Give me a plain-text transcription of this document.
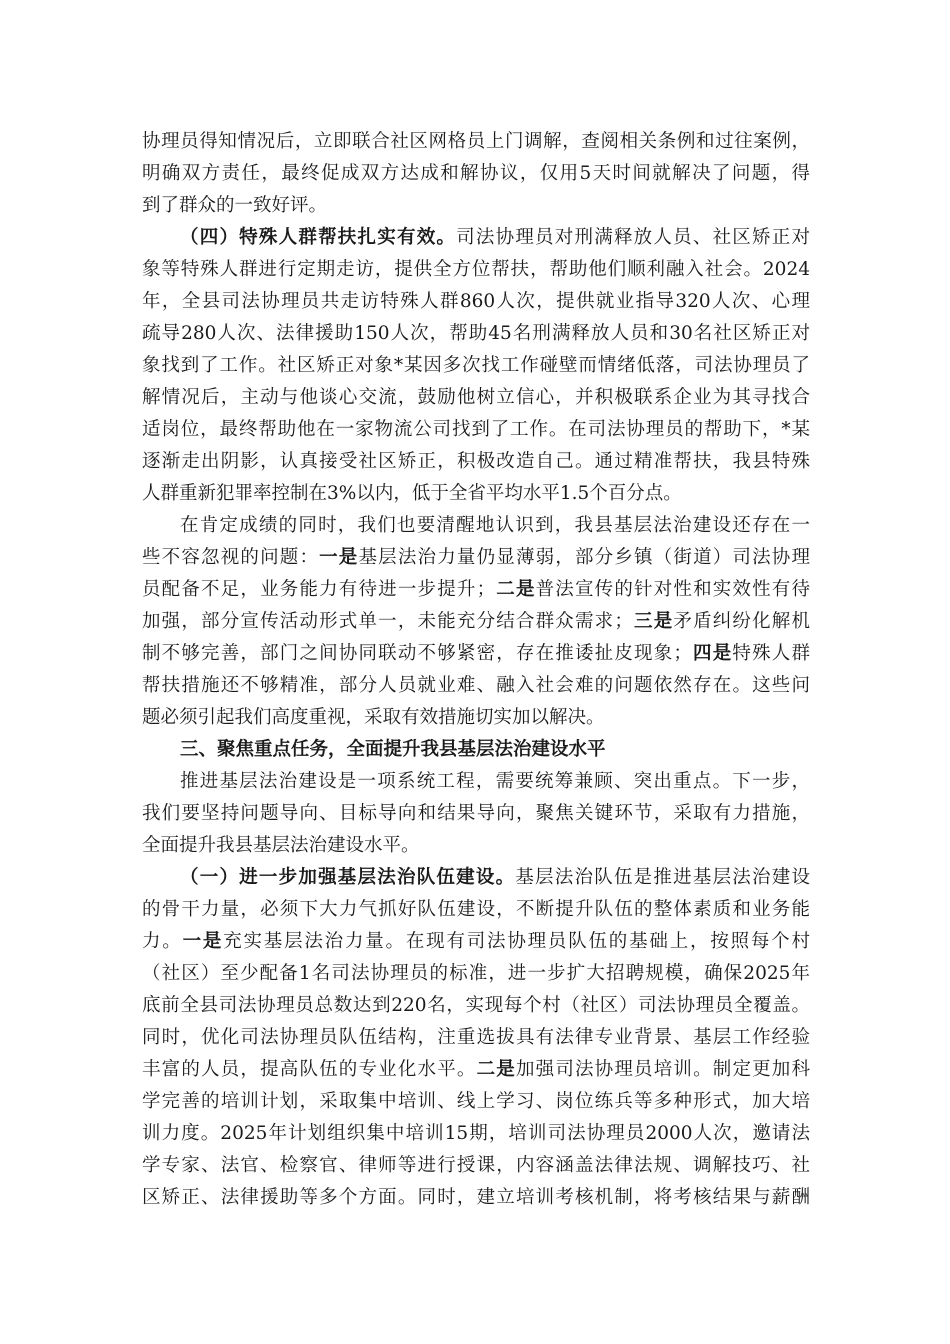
协理员得知情况后，立即联合社区网格员上门调解，查阅相关条例和过往案例，
明确双方责任，最终促成双方达成和解协议，仅用5天时间就解决了问题，得
到了群众的一致好评。
（四）特殊人群帮扶扎实有效。司法协理员对刑满释放人员、社区矫正对
象等特殊人群进行定期走访，提供全方位帮扶，帮助他们顺利融入社会。2024
年，全县司法协理员共走访特殊人群860人次，提供就业指导320人次、心理
疏导280人次、法律援助150人次，帮助45名刑满释放人员和30名社区矫正对
象找到了工作。社区矫正对象*某因多次找工作碰壁而情绪低落，司法协理员了
解情况后，主动与他谈心交流，鼓励他树立信心，并积极联系企业为其寻找合
适岗位，最终帮助他在一家物流公司找到了工作。在司法协理员的帮助下，*某
逐渐走出阴影，认真接受社区矫正，积极改造自己。通过精准帮扶，我县特殊
人群重新犯罪率控制在3%以内，低于全省平均水平1.5个百分点。
在肯定成绩的同时，我们也要清醒地认识到，我县基层法治建设还存在一
些不容忽视的问题：一是基层法治力量仍显薄弱，部分乡镇（街道）司法协理
员配备不足，业务能力有待进一步提升；二是普法宣传的针对性和实效性有待
加强，部分宣传活动形式单一，未能充分结合群众需求；三是矛盾纠纷化解机
制不够完善，部门之间协同联动不够紧密，存在推诿扯皮现象；四是特殊人群
帮扶措施还不够精准，部分人员就业难、融入社会难的问题依然存在。这些问
题必须引起我们高度重视，采取有效措施切实加以解决。
三、聚焦重点任务，全面提升我县基层法治建设水平
推进基层法治建设是一项系统工程，需要统筹兼顾、突出重点。下一步，
我们要坚持问题导向、目标导向和结果导向，聚焦关键环节，采取有力措施，
全面提升我县基层法治建设水平。
（一）进一步加强基层法治队伍建设。基层法治队伍是推进基层法治建设
的骨干力量，必须下大力气抓好队伍建设，不断提升队伍的整体素质和业务能
力。一是充实基层法治力量。在现有司法协理员队伍的基础上，按照每个村
（社区）至少配备1名司法协理员的标准，进一步扩大招聘规模，确保2025年
底前全县司法协理员总数达到220名，实现每个村（社区）司法协理员全覆盖。
同时，优化司法协理员队伍结构，注重选拔具有法律专业背景、基层工作经验
丰富的人员，提高队伍的专业化水平。二是加强司法协理员培训。制定更加科
学完善的培训计划，采取集中培训、线上学习、岗位练兵等多种形式，加大培
训力度。2025年计划组织集中培训15期，培训司法协理员2000人次，邀请法
学专家、法官、检察官、律师等进行授课，内容涵盖法律法规、调解技巧、社
区矫正、法律援助等多个方面。同时，建立培训考核机制，将考核结果与薪酬
